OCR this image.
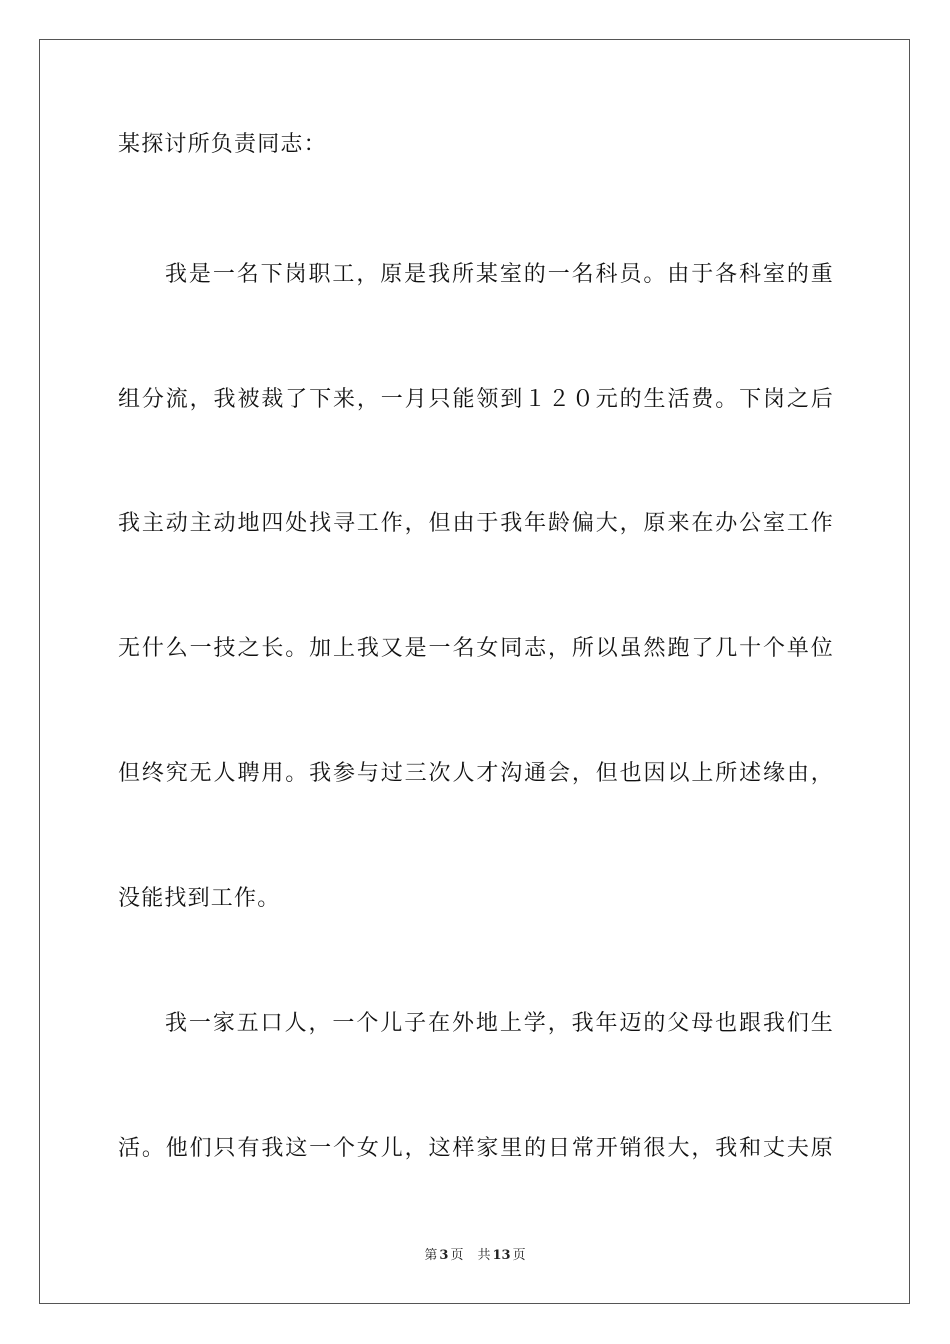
某探讨所负责同志：
我是一名下岗职工，原是我所某室的一名科员。由于各科室的重
组分流，我被裁了下来，一月只能领到１２０元的生活费。下岗之后
我主动主动地四处找寻工作，但由于我年龄偏大，原来在办公室工作
无什么一技之长。加上我又是一名女同志，所以虽然跑了几十个单位
但终究无人聘用。我参与过三次人才沟通会，但也因以上所述缘由，
没能找到工作。
我一家五口人，一个儿子在外地上学，我年迈的父母也跟我们生
活。他们只有我这一个女儿，这样家里的日常开销很大，我和丈夫原
第 3 页 共 13 页
